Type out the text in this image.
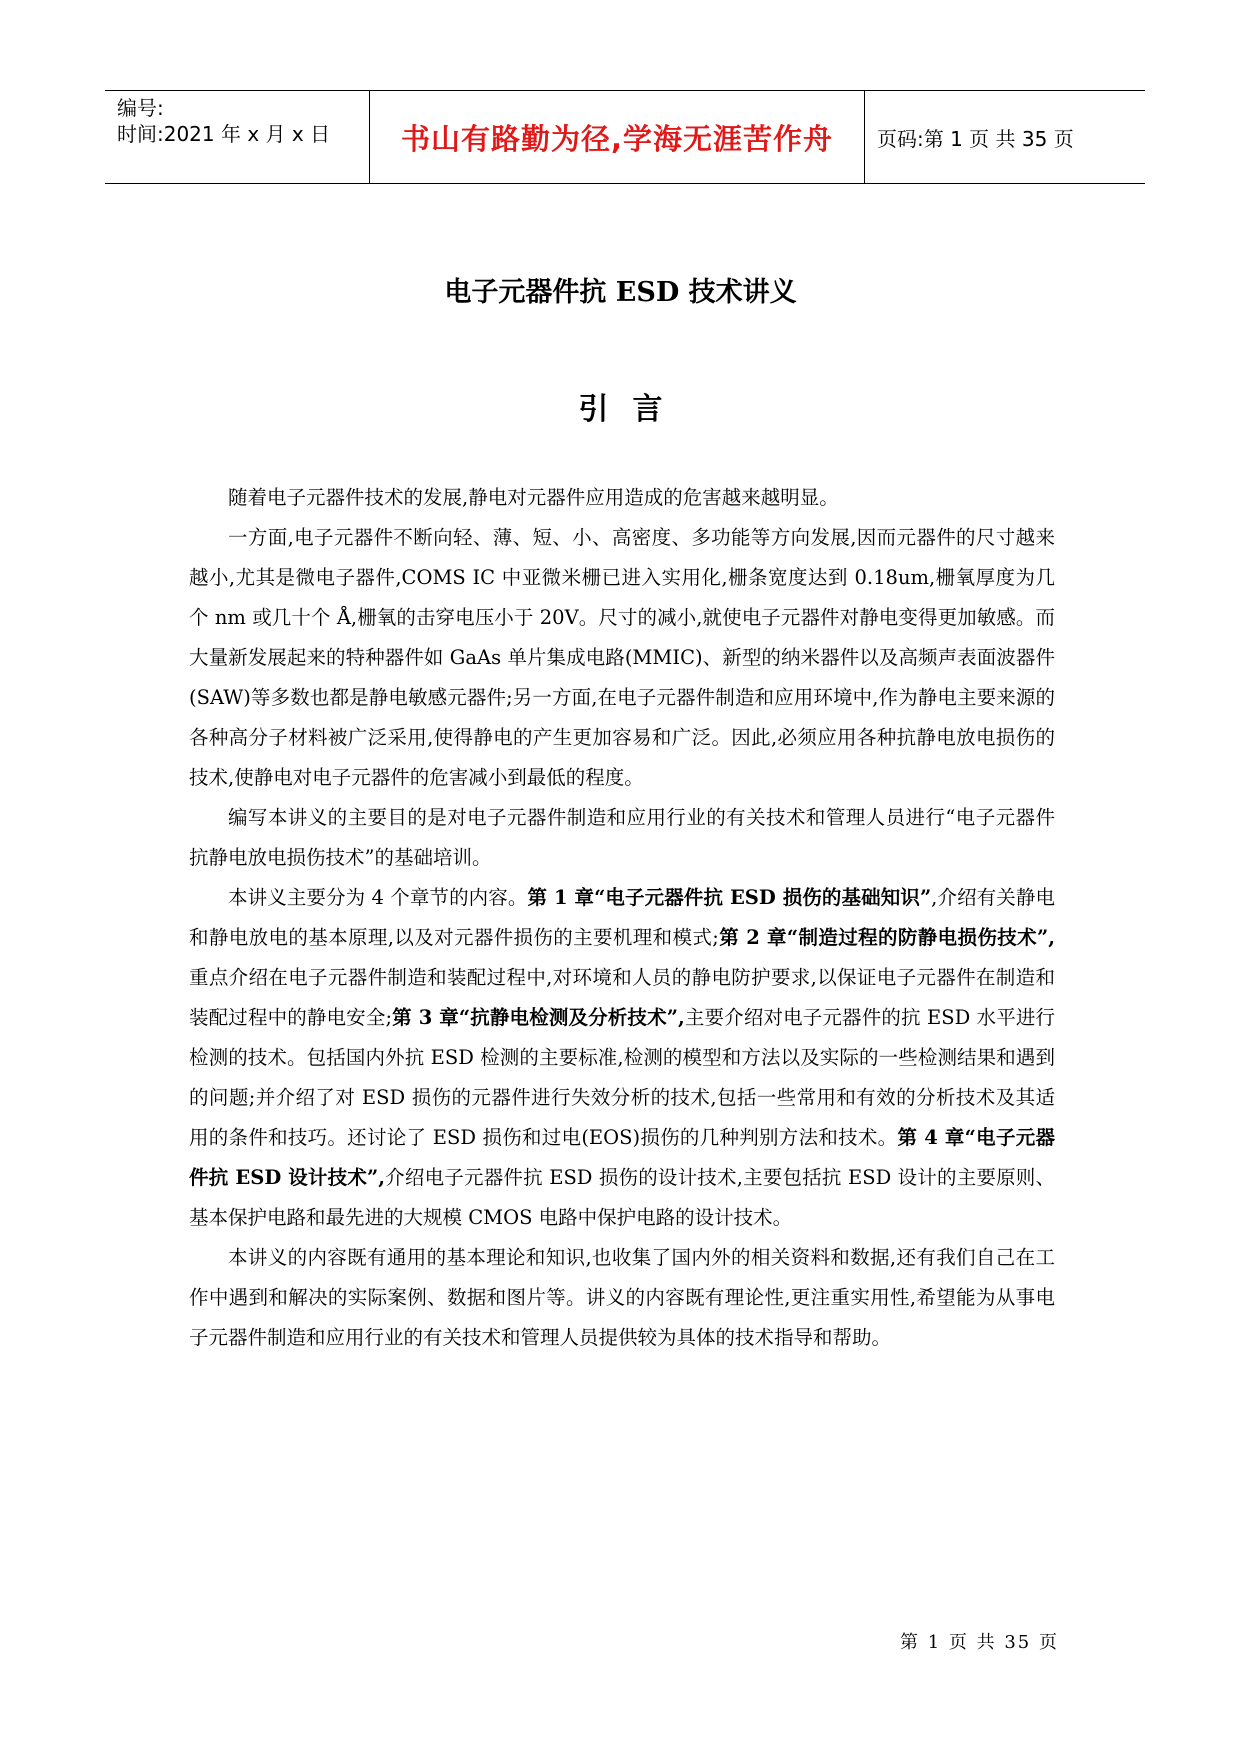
编号:
时间:2021 年 x 月 x 日	书山有路勤为径,学海无涯苦作舟	页码:第 1 页 共 35 页
电子元器件抗 ESD 技术讲义
引言

随着电子元器件技术的发展,静电对元器件应用造成的危害越来越明显。

一方面,电子元器件不断向轻、薄、短、小、高密度、多功能等方向发展,因而元器件的尺寸越来越小,尤其是微电子器件,COMS IC 中亚微米栅已进入实用化,栅条宽度达到 0.18um,栅氧厚度为几个 nm 或几十个 Å,栅氧的击穿电压小于 20V。尺寸的减小,就使电子元器件对静电变得更加敏感。而大量新发展起来的特种器件如 GaAs 单片集成电路(MMIC)、新型的纳米器件以及高频声表面波器件(SAW)等多数也都是静电敏感元器件;另一方面,在电子元器件制造和应用环境中,作为静电主要来源的各种高分子材料被广泛采用,使得静电的产生更加容易和广泛。因此,必须应用各种抗静电放电损伤的技术,使静电对电子元器件的危害减小到最低的程度。

编写本讲义的主要目的是对电子元器件制造和应用行业的有关技术和管理人员进行“电子元器件抗静电放电损伤技术”的基础培训。

本讲义主要分为 4 个章节的内容。第 1 章“电子元器件抗 ESD 损伤的基础知识”,介绍有关静电和静电放电的基本原理,以及对元器件损伤的主要机理和模式;第 2 章“制造过程的防静电损伤技术”,重点介绍在电子元器件制造和装配过程中,对环境和人员的静电防护要求,以保证电子元器件在制造和装配过程中的静电安全;第 3 章“抗静电检测及分析技术”,主要介绍对电子元器件的抗 ESD 水平进行检测的技术。包括国内外抗 ESD 检测的主要标准,检测的模型和方法以及实际的一些检测结果和遇到的问题;并介绍了对 ESD 损伤的元器件进行失效分析的技术,包括一些常用和有效的分析技术及其适用的条件和技巧。还讨论了 ESD 损伤和过电(EOS)损伤的几种判别方法和技术。第 4 章“电子元器件抗 ESD 设计技术”,介绍电子元器件抗 ESD 损伤的设计技术,主要包括抗 ESD 设计的主要原则、基本保护电路和最先进的大规模 CMOS 电路中保护电路的设计技术。

本讲义的内容既有通用的基本理论和知识,也收集了国内外的相关资料和数据,还有我们自己在工作中遇到和解决的实际案例、数据和图片等。讲义的内容既有理论性,更注重实用性,希望能为从事电子元器件制造和应用行业的有关技术和管理人员提供较为具体的技术指导和帮助。

第 1 页 共 35 页
